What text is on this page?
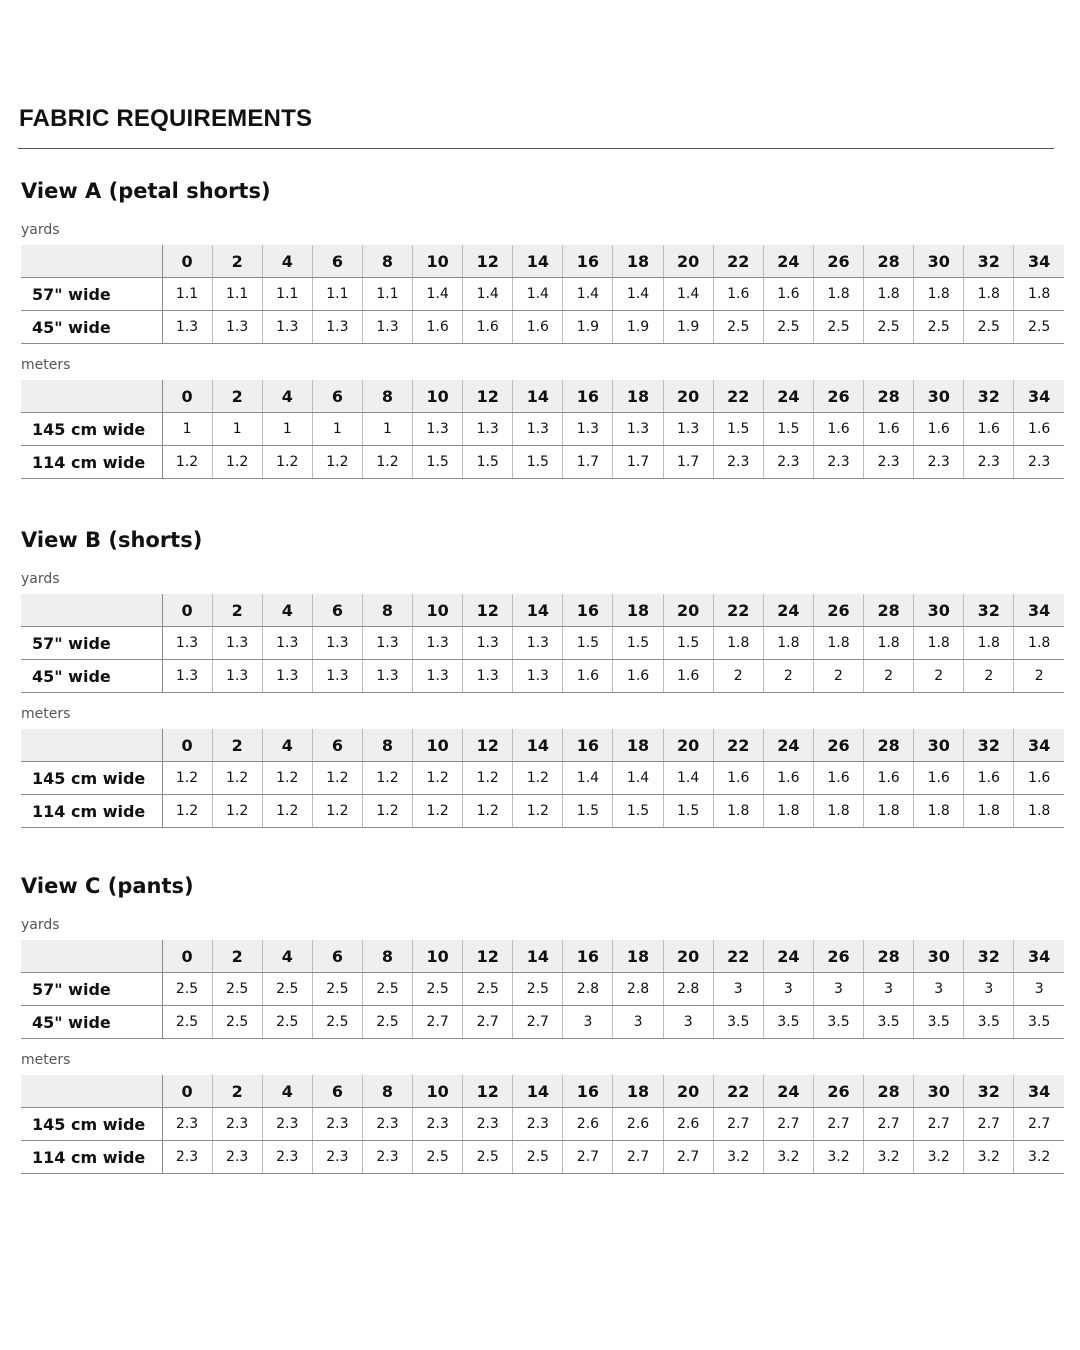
FABRIC REQUIREMENTS
View A (petal shorts)
yards
	0	2	4	6	8	10	12	14	16	18	20	22	24	26	28	30	32	34
57" wide	1.1	1.1	1.1	1.1	1.1	1.4	1.4	1.4	1.4	1.4	1.4	1.6	1.6	1.8	1.8	1.8	1.8	1.8
45" wide	1.3	1.3	1.3	1.3	1.3	1.6	1.6	1.6	1.9	1.9	1.9	2.5	2.5	2.5	2.5	2.5	2.5	2.5
meters
	0	2	4	6	8	10	12	14	16	18	20	22	24	26	28	30	32	34
145 cm wide	1	1	1	1	1	1.3	1.3	1.3	1.3	1.3	1.3	1.5	1.5	1.6	1.6	1.6	1.6	1.6
114 cm wide	1.2	1.2	1.2	1.2	1.2	1.5	1.5	1.5	1.7	1.7	1.7	2.3	2.3	2.3	2.3	2.3	2.3	2.3
View B (shorts)
yards
	0	2	4	6	8	10	12	14	16	18	20	22	24	26	28	30	32	34
57" wide	1.3	1.3	1.3	1.3	1.3	1.3	1.3	1.3	1.5	1.5	1.5	1.8	1.8	1.8	1.8	1.8	1.8	1.8
45" wide	1.3	1.3	1.3	1.3	1.3	1.3	1.3	1.3	1.6	1.6	1.6	2	2	2	2	2	2	2
meters
	0	2	4	6	8	10	12	14	16	18	20	22	24	26	28	30	32	34
145 cm wide	1.2	1.2	1.2	1.2	1.2	1.2	1.2	1.2	1.4	1.4	1.4	1.6	1.6	1.6	1.6	1.6	1.6	1.6
114 cm wide	1.2	1.2	1.2	1.2	1.2	1.2	1.2	1.2	1.5	1.5	1.5	1.8	1.8	1.8	1.8	1.8	1.8	1.8
View C (pants)
yards
	0	2	4	6	8	10	12	14	16	18	20	22	24	26	28	30	32	34
57" wide	2.5	2.5	2.5	2.5	2.5	2.5	2.5	2.5	2.8	2.8	2.8	3	3	3	3	3	3	3
45" wide	2.5	2.5	2.5	2.5	2.5	2.7	2.7	2.7	3	3	3	3.5	3.5	3.5	3.5	3.5	3.5	3.5
meters
	0	2	4	6	8	10	12	14	16	18	20	22	24	26	28	30	32	34
145 cm wide	2.3	2.3	2.3	2.3	2.3	2.3	2.3	2.3	2.6	2.6	2.6	2.7	2.7	2.7	2.7	2.7	2.7	2.7
114 cm wide	2.3	2.3	2.3	2.3	2.3	2.5	2.5	2.5	2.7	2.7	2.7	3.2	3.2	3.2	3.2	3.2	3.2	3.2
